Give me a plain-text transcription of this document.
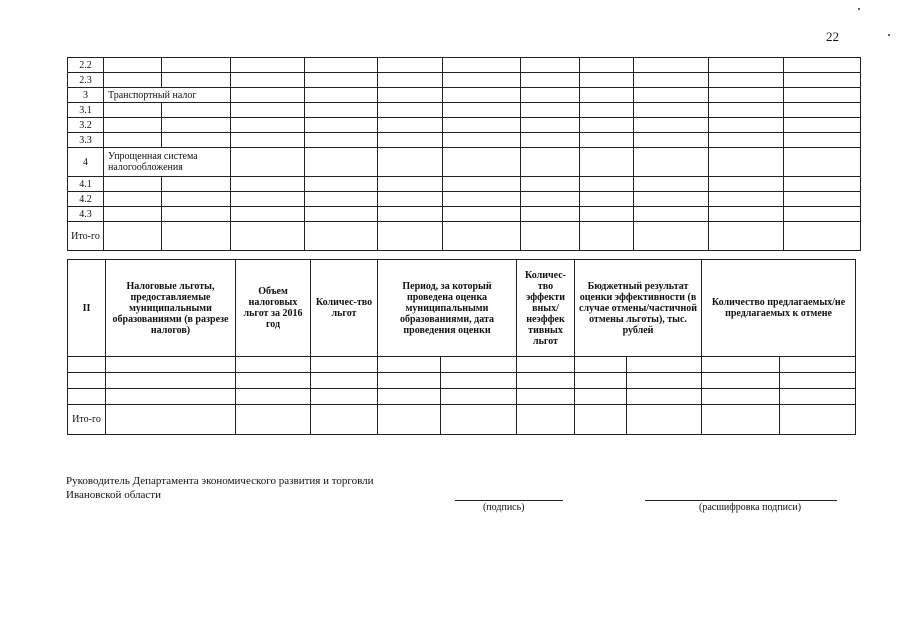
22
2.2											
2.3											
3	Транспортный налог										
3.1											
3.2											
3.3											
4	Упрощенная система налогообложения										
4.1											
4.2											
4.3											
Ито-го											
II	Налоговые льготы, предоставляемые муниципальными образованиями (в разрезе налогов)	Объем налоговых льгот за 2016 год	Количес-тво льгот	Период, за который проведена оценка муниципальными образованиями, дата проведения оценки		Количес-тво эффекти вных/ неэффек тивных льгот	Бюджетный результат оценки эффективности (в случае отмены/частичной отмены льготы), тыс. рублей		Количество предлагаемых/не предлагаемых к отмене	

Ито-го										
Руководитель Департамента экономического развития и торговли
Ивановской области
(подпись)	(расшифровка подписи)
